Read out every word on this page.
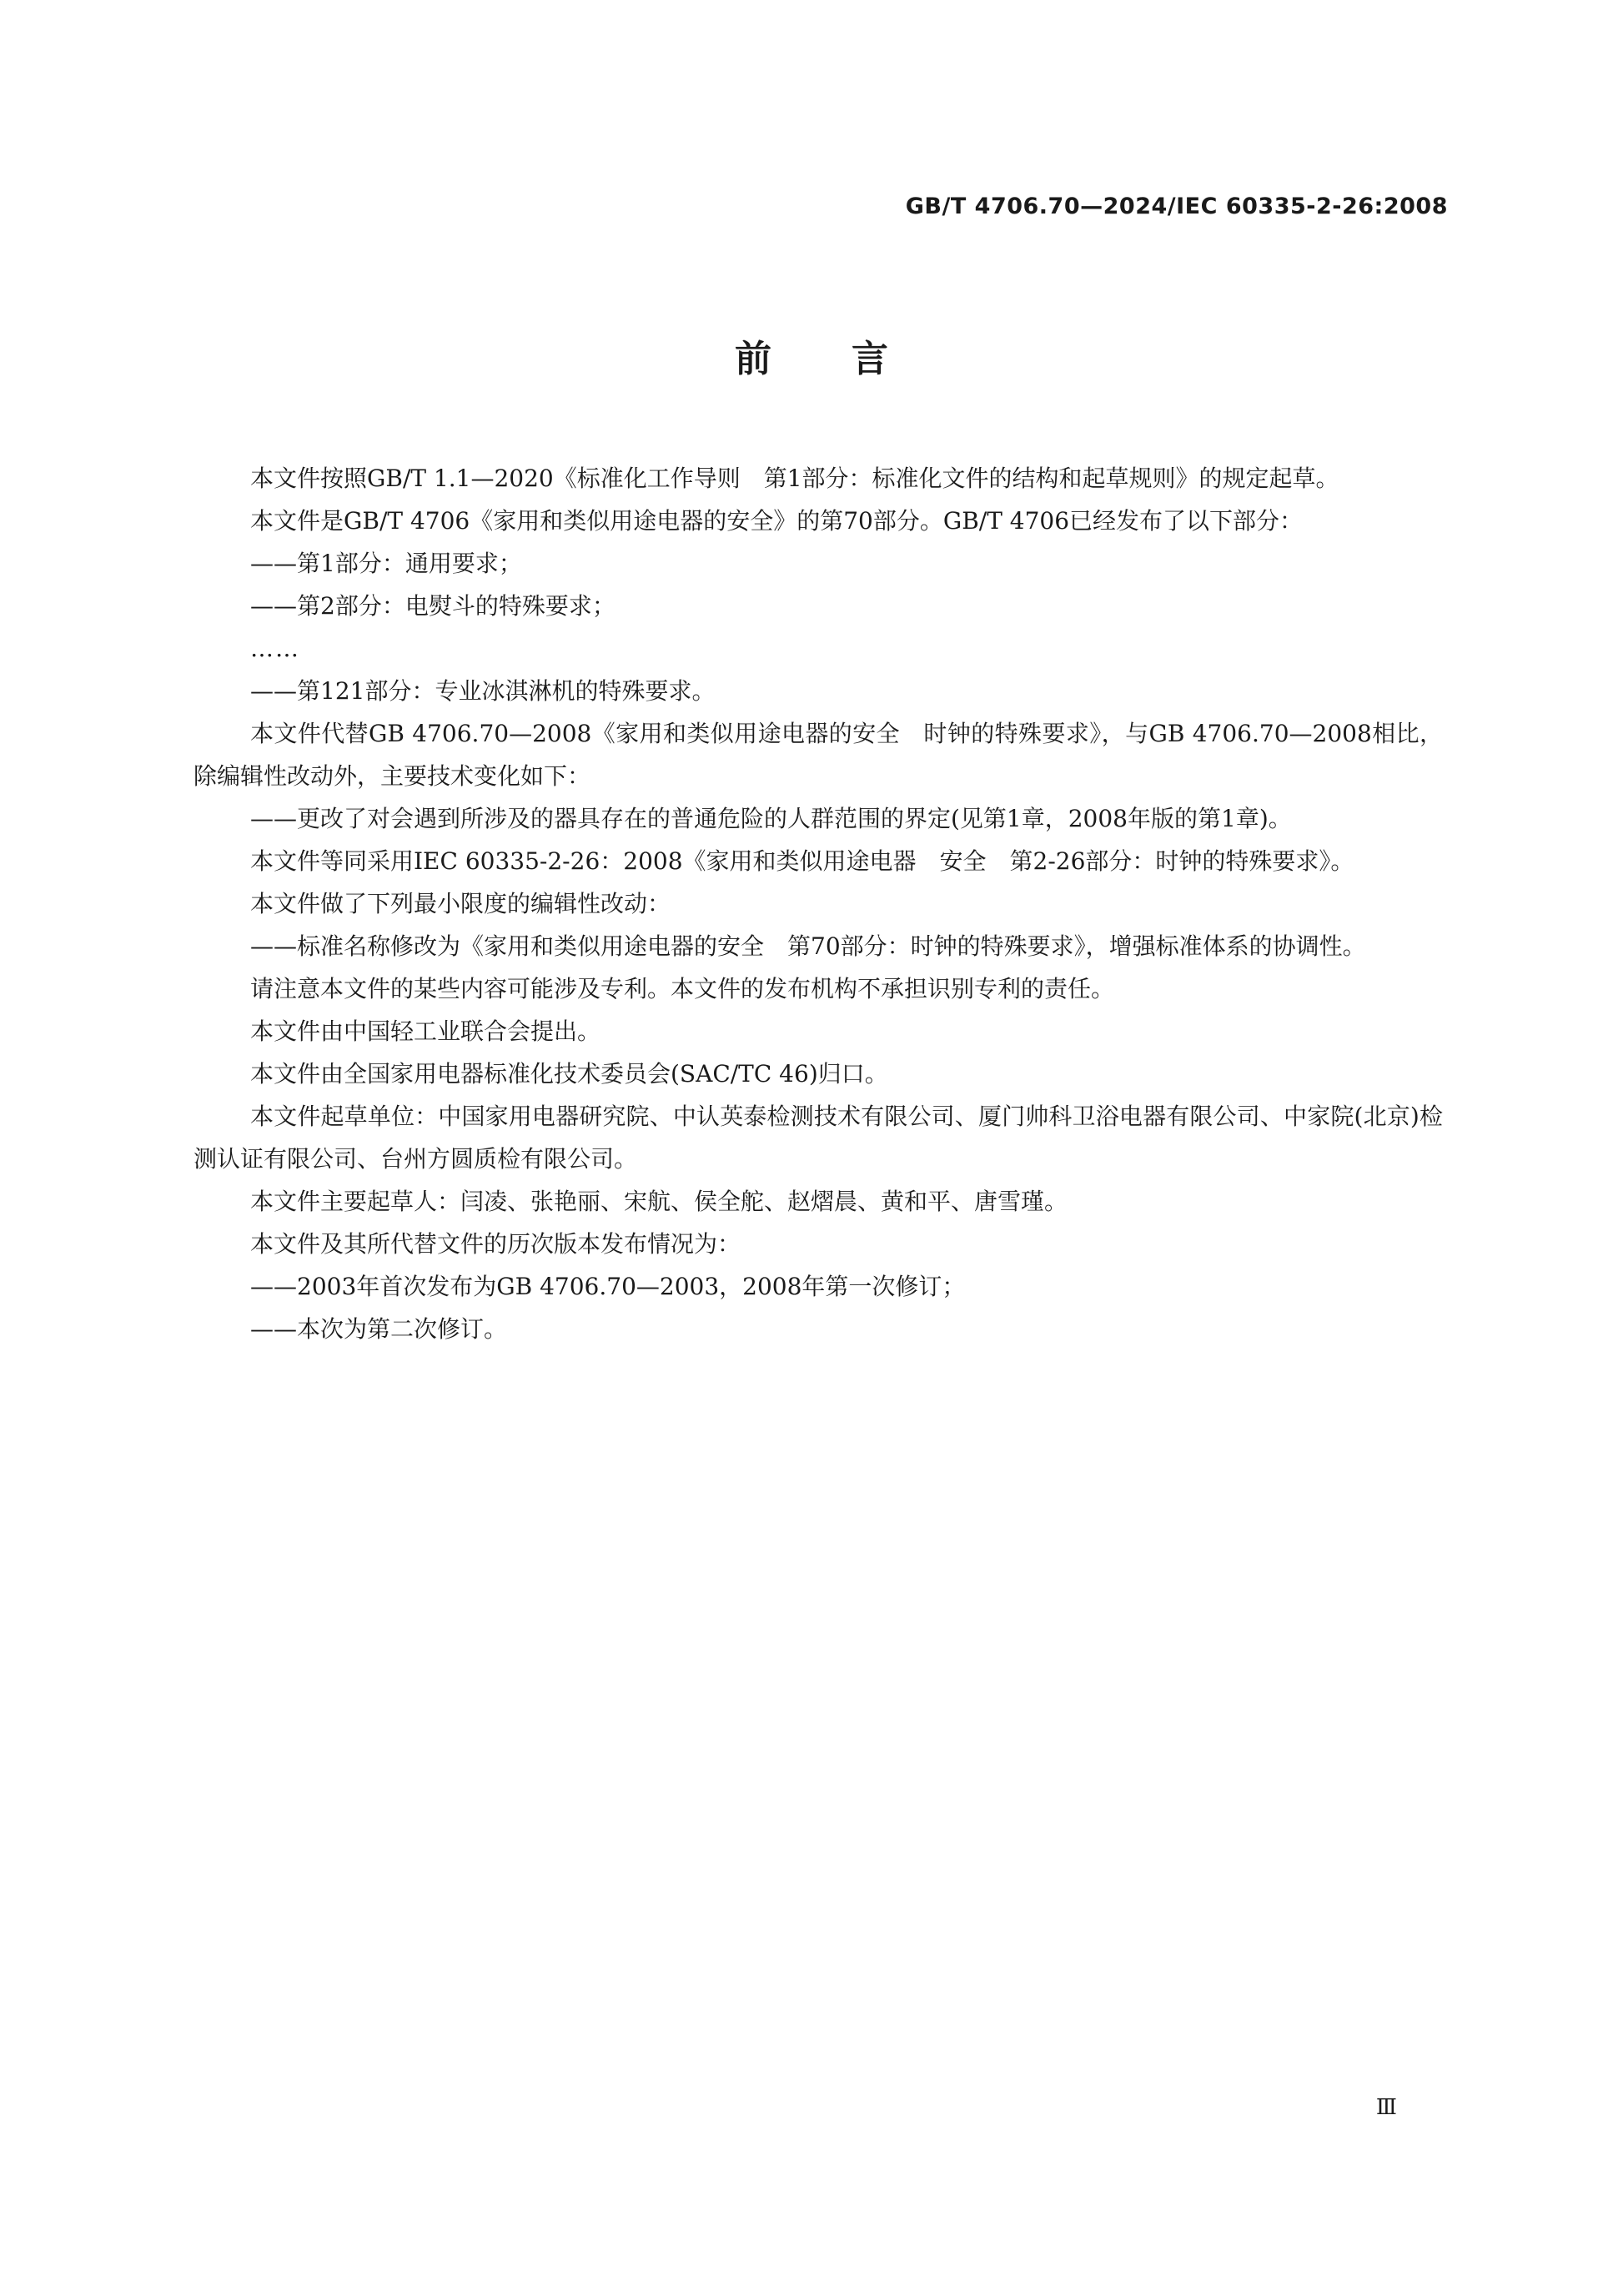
GB/T 4706.70—2024/IEC 60335-2-26:2008
前言

本文件按照GB/T 1.1—2020《标准化工作导则　第1部分：标准化文件的结构和起草规则》的规定起草。

本文件是GB/T 4706《家用和类似用途电器的安全》的第70部分。GB/T 4706已经发布了以下部分：

——第1部分：通用要求；

——第2部分：电熨斗的特殊要求；

……

——第121部分：专业冰淇淋机的特殊要求。

本文件代替GB 4706.70—2008《家用和类似用途电器的安全　时钟的特殊要求》，与GB 4706.70—2008相比，除编辑性改动外，主要技术变化如下：

——更改了对会遇到所涉及的器具存在的普通危险的人群范围的界定(见第1章，2008年版的第1章)。

本文件等同采用IEC 60335-2-26：2008《家用和类似用途电器　安全　第2-26部分：时钟的特殊要求》。

本文件做了下列最小限度的编辑性改动：

——标准名称修改为《家用和类似用途电器的安全　第70部分：时钟的特殊要求》，增强标准体系的协调性。

请注意本文件的某些内容可能涉及专利。本文件的发布机构不承担识别专利的责任。

本文件由中国轻工业联合会提出。

本文件由全国家用电器标准化技术委员会(SAC/TC 46)归口。

本文件起草单位：中国家用电器研究院、中认英泰检测技术有限公司、厦门帅科卫浴电器有限公司、中家院(北京)检测认证有限公司、台州方圆质检有限公司。

本文件主要起草人：闫凌、张艳丽、宋航、侯全舵、赵熠晨、黄和平、唐雪瑾。

本文件及其所代替文件的历次版本发布情况为：

——2003年首次发布为GB 4706.70—2003，2008年第一次修订；

——本次为第二次修订。

Ⅲ
